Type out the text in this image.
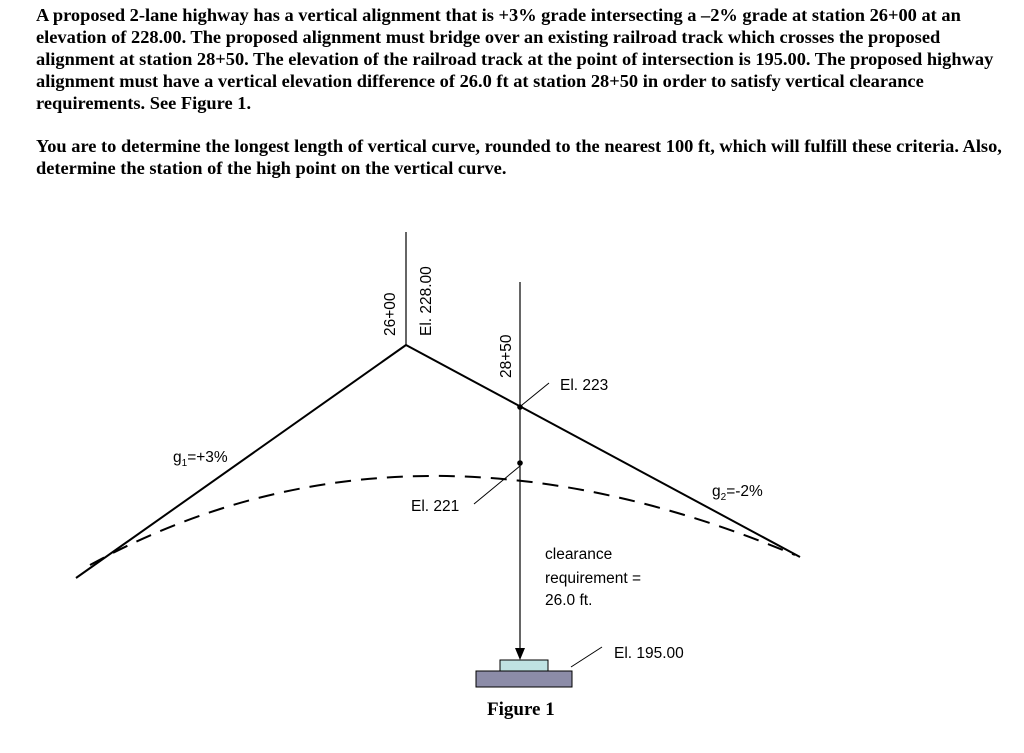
A proposed 2-lane highway has a vertical alignment that is +3% grade intersecting a –2% grade at station 26+00 at an elevation of 228.00. The proposed alignment must bridge over an existing railroad track which crosses the proposed alignment at station 28+50. The elevation of the railroad track at the point of intersection is 195.00. The proposed highway alignment must have a vertical elevation difference of 26.0 ft at station 28+50 in order to satisfy vertical clearance requirements. See Figure 1.

You are to determine the longest length of vertical curve, rounded to the nearest 100 ft, which will fulfill these criteria. Also, determine the station of the high point on the vertical curve.

26+00 El. 228.00
28+50
El. 223
El. 221
$g_1=+3\%$
$g_2=-2\%$
clearance
requirement =
26.0 ft.
El. 195.00
Figure 1
